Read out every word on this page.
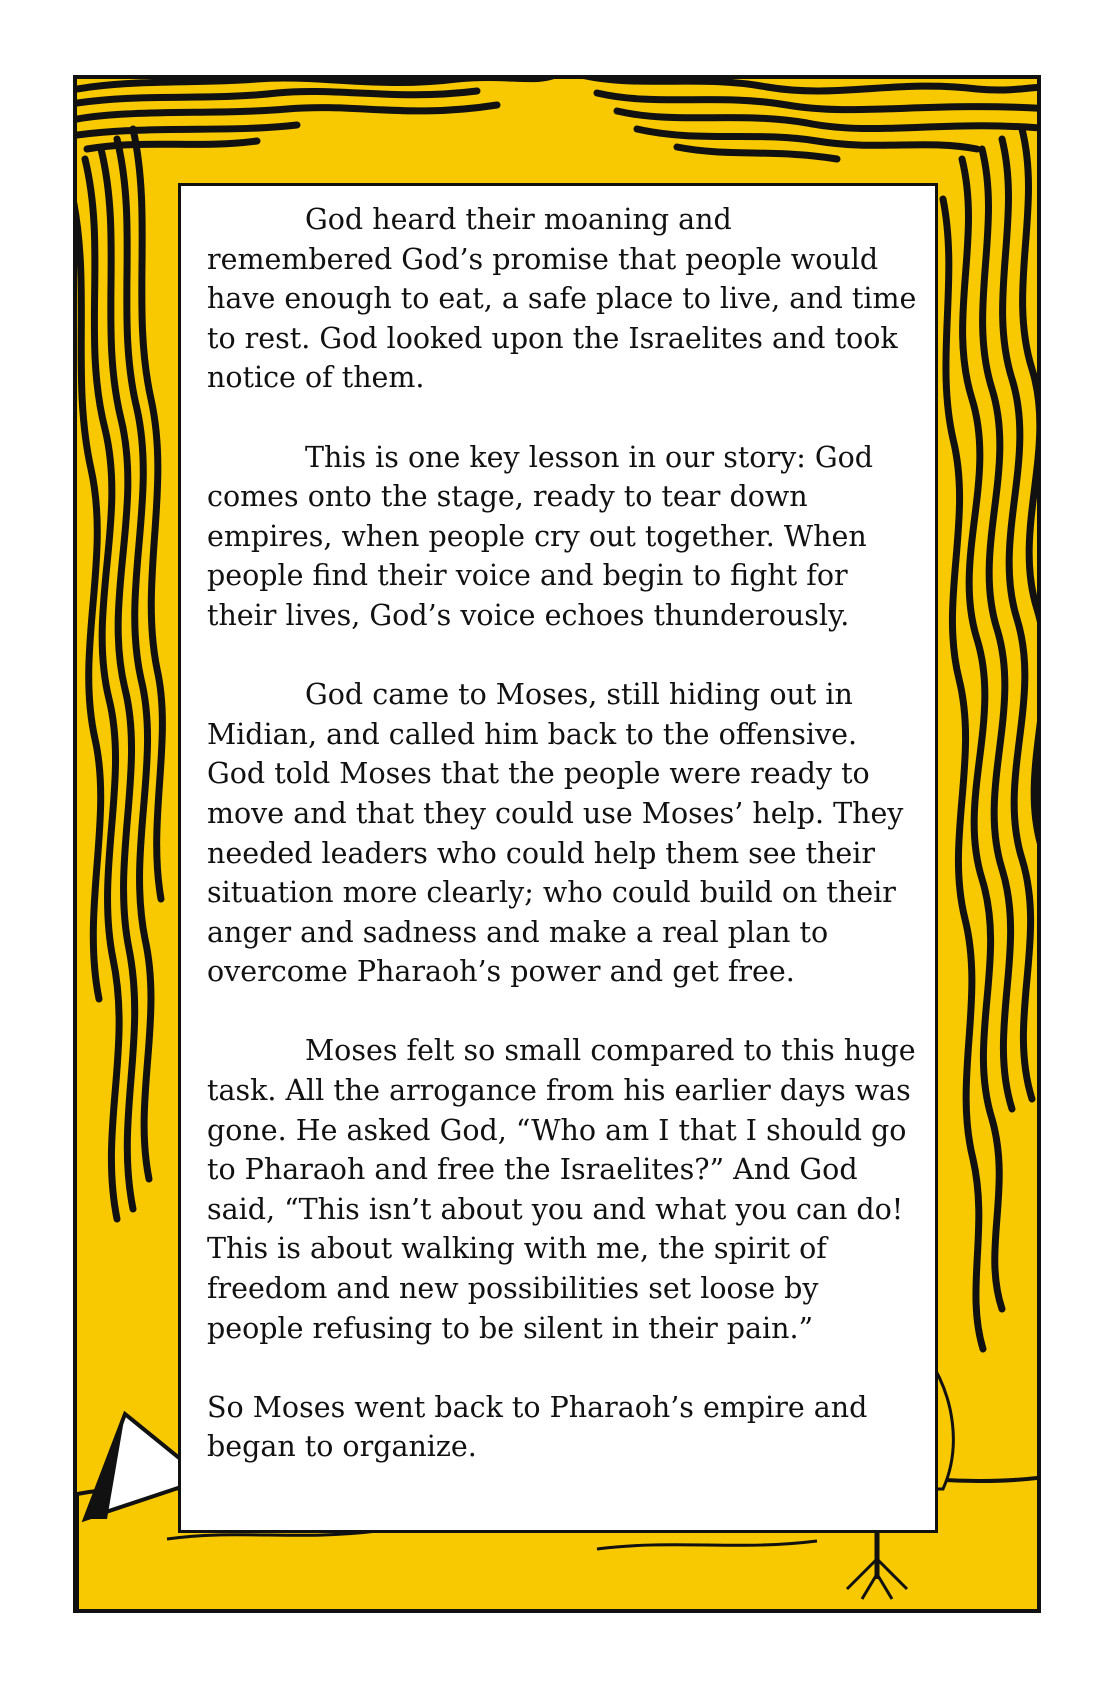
God heard their moaning and remembered God’s promise that people would have enough to eat, a safe place to live, and time to rest. God looked upon the Israelites and took notice of them.

This is one key lesson in our story: God comes onto the stage, ready to tear down empires, when people cry out together. When people find their voice and begin to fight for their lives, God’s voice echoes thunderously.

God came to Moses, still hiding out in Midian, and called him back to the offensive. God told Moses that the people were ready to move and that they could use Moses’ help. They needed leaders who could help them see their situation more clearly; who could build on their anger and sadness and make a real plan to overcome Pharaoh’s power and get free.

Moses felt so small compared to this huge task. All the arrogance from his earlier days was gone. He asked God, “Who am I that I should go to Pharaoh and free the Israelites?” And God said, “This isn’t about you and what you can do! This is about walking with me, the spirit of freedom and new possibilities set loose by people refusing to be silent in their pain.”

So Moses went back to Pharaoh’s empire and began to organize.
